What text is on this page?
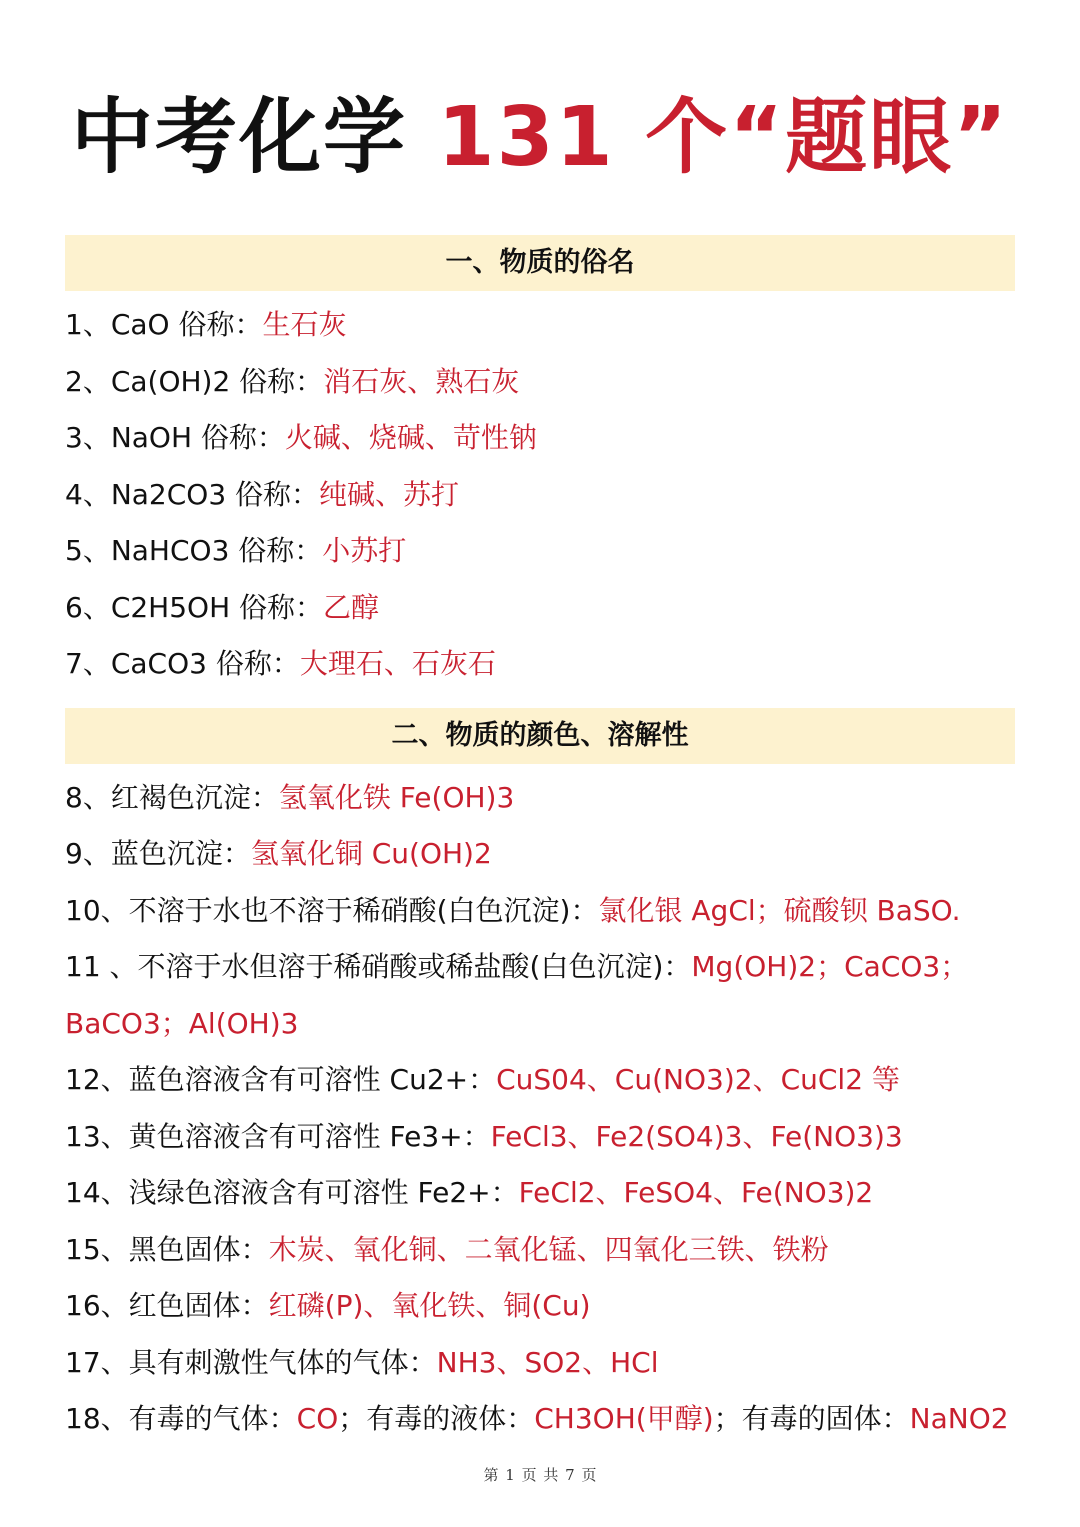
中考化学 131 个“题眼”
一、物质的俗名
1、CaO 俗称：生石灰
2、Ca(OH)2 俗称：消石灰、熟石灰
3、NaOH 俗称：火碱、烧碱、苛性钠
4、Na2CO3 俗称：纯碱、苏打
5、NaHCO3 俗称：小苏打
6、C2H5OH 俗称：乙醇
7、CaCO3 俗称：大理石、石灰石
二、物质的颜色、溶解性
8、红褐色沉淀：氢氧化铁 Fe(OH)3
9、蓝色沉淀：氢氧化铜 Cu(OH)2
10、不溶于水也不溶于稀硝酸(白色沉淀)：氯化银 AgCl；硫酸钡 BaSO.
11 、不溶于水但溶于稀硝酸或稀盐酸(白色沉淀)：Mg(OH)2；CaCO3；
BaCO3；Al(OH)3
12、蓝色溶液含有可溶性 Cu2+：CuS04、Cu(NO3)2、CuCl2 等
13、黄色溶液含有可溶性 Fe3+：FeCl3、Fe2(SO4)3、Fe(NO3)3
14、浅绿色溶液含有可溶性 Fe2+：FeCl2、FeSO4、Fe(NO3)2
15、黑色固体：木炭、氧化铜、二氧化锰、四氧化三铁、铁粉
16、红色固体：红磷(P)、氧化铁、铜(Cu)
17、具有刺激性气体的气体：NH3、SO2、HCl
18、有毒的气体：CO；有毒的液体：CH3OH(甲醇)；有毒的固体：NaNO2
第 1 页 共 7 页
